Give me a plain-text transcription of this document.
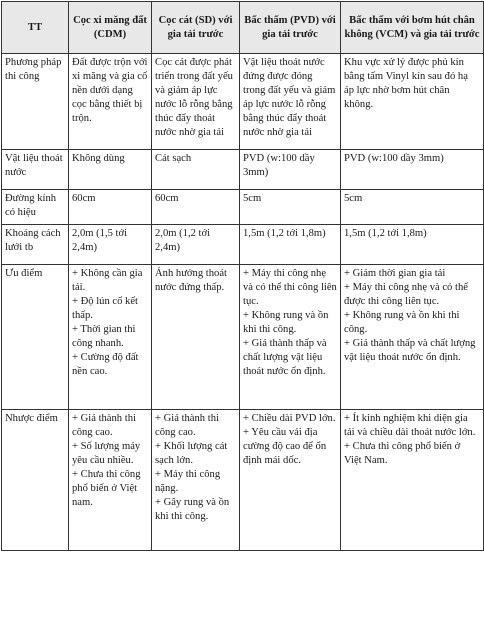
TT	Cọc xi măng đất (CDM)	Cọc cát (SD) với gia tải trước	Bấc thấm (PVD) với gia tải trước	Bấc thấm với bơm hút chân không (VCM) và gia tải trước
Phương pháp thi công	Đất được trộn với xi măng và gia cố nền dưới dạng cọc bằng thiết bị trộn.	Cọc cát được phát triển trong đất yếu và giảm áp lực nước lỗ rỗng bằng thúc đẩy thoát nước nhờ gia tải	Vật liệu thoát nước đứng được đóng trong đất yếu và giảm áp lực nước lỗ rỗng bằng thúc đẩy thoát nước nhờ gia tải	Khu vực xử lý được phủ kín bằng tấm Vinyl kín sau đó hạ áp lực nhờ bơm hút chân không.

Vật liệu thoát nước	Không dùng	Cát sạch	PVD (w:100 dầy 3mm)	PVD (w:100 dầy 3mm)

Đường kính có hiệu	60cm	60cm	5cm	5cm

Khoảng cách lưới tb	2,0m (1,5 tới 2,4m)	2,0m (1,2 tới 2,4m)	1,5m (1,2 tới 1,8m)	1,5m (1,2 tới 1,8m)

Ưu điểm	+ Không cần gia tải.
+ Độ lún cố kết thấp.
+ Thời gian thi công nhanh.
+ Cường độ đất nền cao.	Ảnh hưởng thoát nước đứng thấp.	+ Máy thi công nhẹ và có thể thi công liên tục.
+ Không rung và ồn khi thi công.
+ Giá thành thấp và chất lượng vật liệu thoát nước ổn định.	+ Giảm thời gian gia tải
+ Máy thi công nhẹ và có thể được thi công liên tục.
+ Không rung và ồn khi thi công.
+ Giá thành thấp và chất lượng vật liệu thoát nước ổn định.

Nhược điểm	+ Giá thành thi công cao.
+ Số lượng máy yêu cầu nhiều.
+ Chưa thi công phổ biến ở Việt nam.	+ Giá thành thi công cao.
+ Khối lượng cát sạch lớn.
+ Máy thi công nặng.
+ Gây rung và ồn khi thi công.	+ Chiều dài PVD lớn.
+ Yêu cầu vải địa cường độ cao để ổn định mái dốc.	+ Ít kinh nghiệm khi diện gia tải và chiều dài thoát nước lớn.
+ Chưa thi công phổ biến ở Việt Nam.
